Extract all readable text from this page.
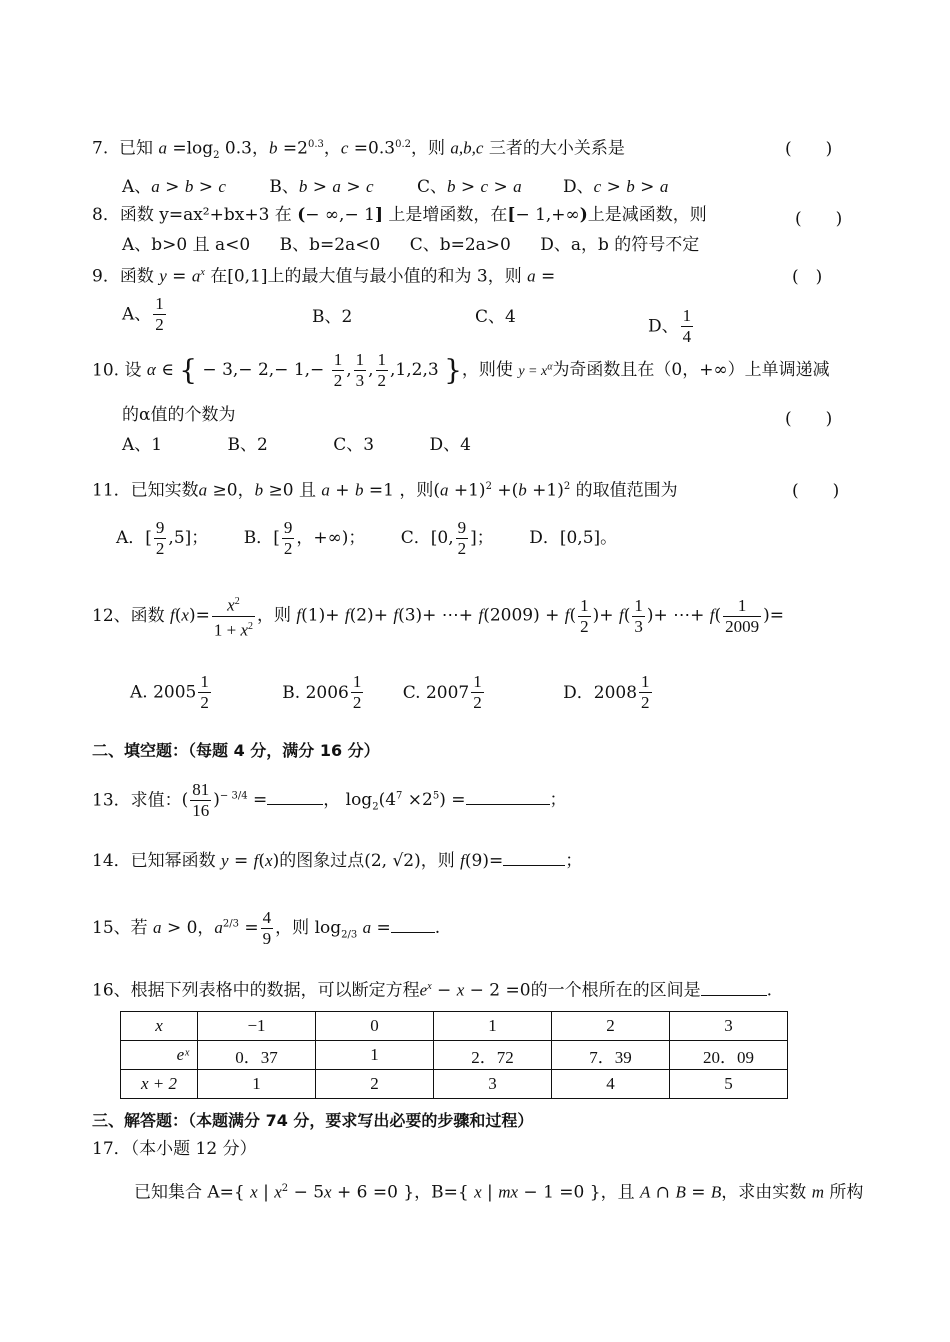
7. 已知 $a =\log_2$ 0.3，$b =2^{0.3}$，$c =0.3^{0.2}$，则 a,b,c 三者的大小关系是	(　　)
A、a > b > c	B、b > a > c	C、b > c > a D、c > b > a
8．函数 y=ax²+bx+3 在 (− ∞,− 1] 上是增函数，在[− 1,+∞)上是减函数，则	(　　)
A、b>0 且 a<0 B、b=2a<0 C、b=2a>0 D、a，b 的符号不定
9．函数 $y = a^x$ 在[0,1]上的最大值与最小值的和为 3，则 a =	(　)
A、 $\frac{1}{2}$	B、2	C、4	D、 $\frac{1}{4}$
10. 设 α ∈ { − $3,- 2,- 1,- \frac{1}{2}$ , $\frac{1}{3}$ , $\frac{1}{2} ,1,2,3$ }，则使 $y = x^\alpha$为奇函数且在（0，+∞）上单调递减
的α值的个数为	(　　)
A、1	B、2	C、3	D、4
11．已知实数a ≥0，b ≥0 且 a + b =1 ，则$(a +1)^2 +(b +1)^2$ 的取值范围为	(　　)
A．[ $\frac{9}{2} ,5$]； B．[ $\frac{9}{2}$ ，+∞)； C．[0, $\frac{9}{2}$ ]； D．[0,5]。
12、函数 $f(x)= \frac{x^2}{1 + x^2}$ ，则 f(1)+ f(2)+ f(3)+ ⋯+ $f(2009) + f( \frac{1}{2}$ )+ $f( \frac{1}{3}$ )+ ⋯+ $f( \frac{1}{2009}$ )=
A. $2005 \frac{1}{2}$	B. $2006 \frac{1}{2} C$. $2007 \frac{1}{2}$	D．$2008 \frac{1}{2}$
二、填空题：（每题 4 分，满分 16 分）
13．求值：( $\frac{81}{16} )^{- 3/4}$ =	， $\log_2(4^7 \times 2^5)$ =	；
14．已知幂函数 y = f(x)的图象过点(2, √2)，则 f(9)=	；
15、若 a > 0，$a^{2/3} = \frac{4}{9}$ ，则 $\log_{2/3} a$ =	.
16、根据下列表格中的数据，可以断定方程$e^x - x - 2 =0$的一个根所在的区间是	.
x	−1	0	1	2	3
eˣ	0．37	1	2．72	7．39	20．09
x + 2	1	2	3	4	5
三、解答题：（本题满分 74 分，要求写出必要的步骤和过程）
17．（本小题 12 分）
已知集合 A={ x | $x^2 - 5x + 6 =0$ }，B={ x | mx − 1 =0 }，且 A ∩ B = B，求由实数 m 所构
